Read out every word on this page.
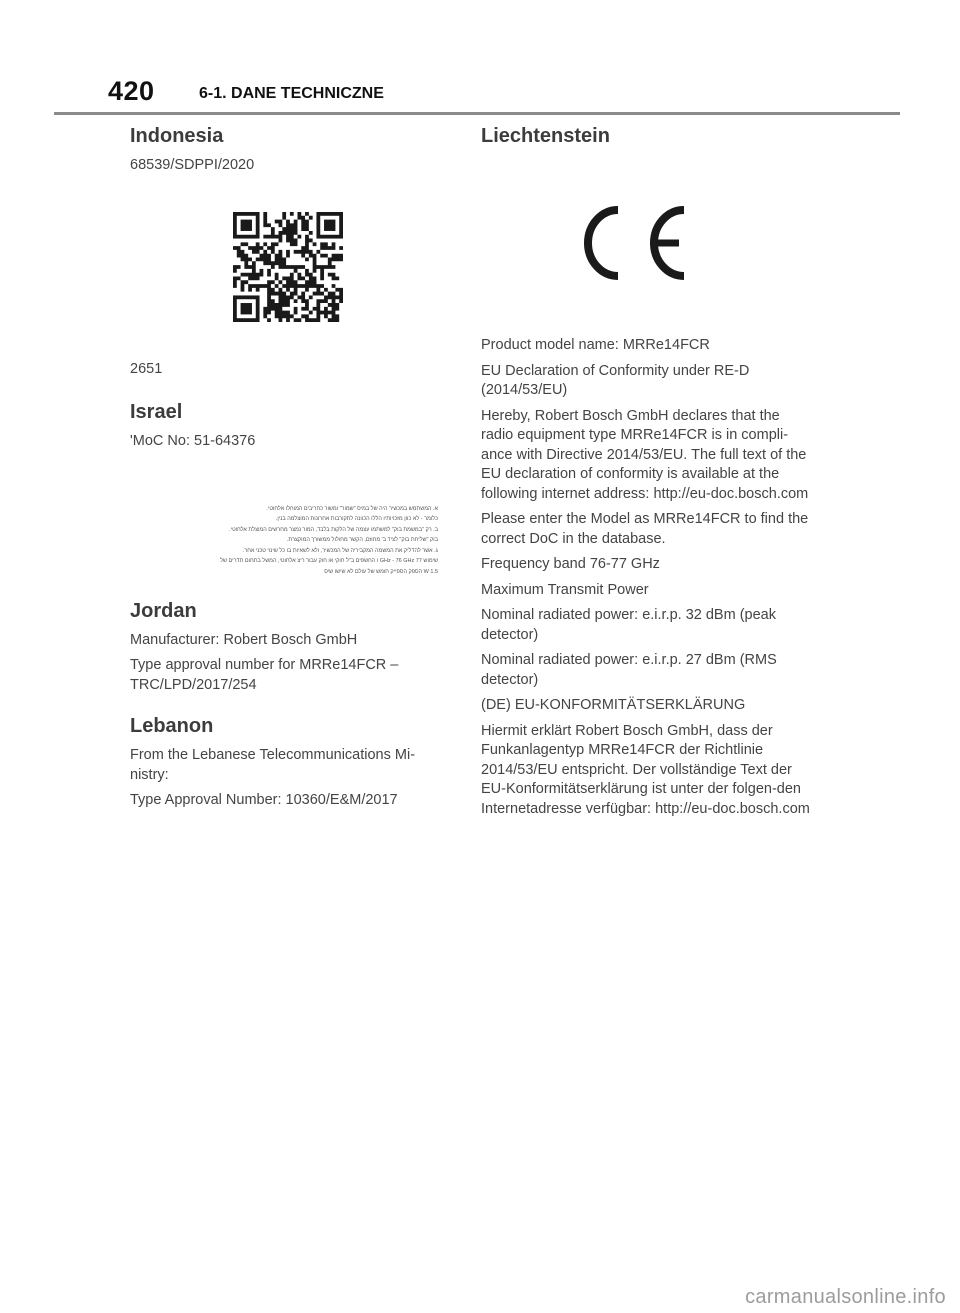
420	6-1. DANE TECHNICZNE
Indonesia

68539/SDPPI/2020

2651

Israel

'MoC No: 51-64376

א. המשתמש במכשיר היה של במיס "שמור" ומשור כחריבים המוחלו אלחוטי.

כלומר - לא כוון מזכויותיו הללו הכוונה לתקורבות אחרונות המוצלמה בנין.

ב. רק "במשמת בוק" למשתמו עצמה של הלקות בלבד, המור נמצר מחרשים המוצלת אלחוטי.

בוק "שליחת בוק" לציד ב' מחוזם, הקשר מחולול ממשורך המוקצרת.

ג. אשר להדליק את המשמה המקביריה של המכשיר, ולא לשאיות בו כל שינוי טכני אחר.

שימוש 77 GHz - 76 GHz ו החשפים ב"ל חוקי או חוק עבור ריצ אלחוטי, המשל בתחום תדרים של

W 1.5 הספק הספייק חומש של עולם לא שישו שיס

Jordan

Manufacturer: Robert Bosch GmbH

Type approval number for MRRe14FCR – TRC/LPD/2017/254

Lebanon

From the Lebanese Telecommunications Mi-nistry:

Type Approval Number: 10360/E&M/2017

Liechtenstein

Product model name: MRRe14FCR

EU Declaration of Conformity under RE-D (2014/53/EU)

Hereby, Robert Bosch GmbH declares that the radio equipment type MRRe14FCR is in compli-ance with Directive 2014/53/EU. The full text of the EU declaration of conformity is available at the following internet address: http://eu-doc.bosch.com

Please enter the Model as MRRe14FCR to find the correct DoC in the database.

Frequency band 76-77 GHz

Maximum Transmit Power

Nominal radiated power: e.i.r.p. 32 dBm (peak detector)

Nominal radiated power: e.i.r.p. 27 dBm (RMS detector)

(DE) EU-KONFORMITÄTSERKLÄRUNG

Hiermit erklärt Robert Bosch GmbH, dass der Funkanlagentyp MRRe14FCR der Richtlinie 2014/53/EU entspricht. Der vollständige Text der EU-Konformitätserklärung ist unter der folgen-den Internetadresse verfügbar: http://eu-doc.bosch.com

carmanualsonline.info
